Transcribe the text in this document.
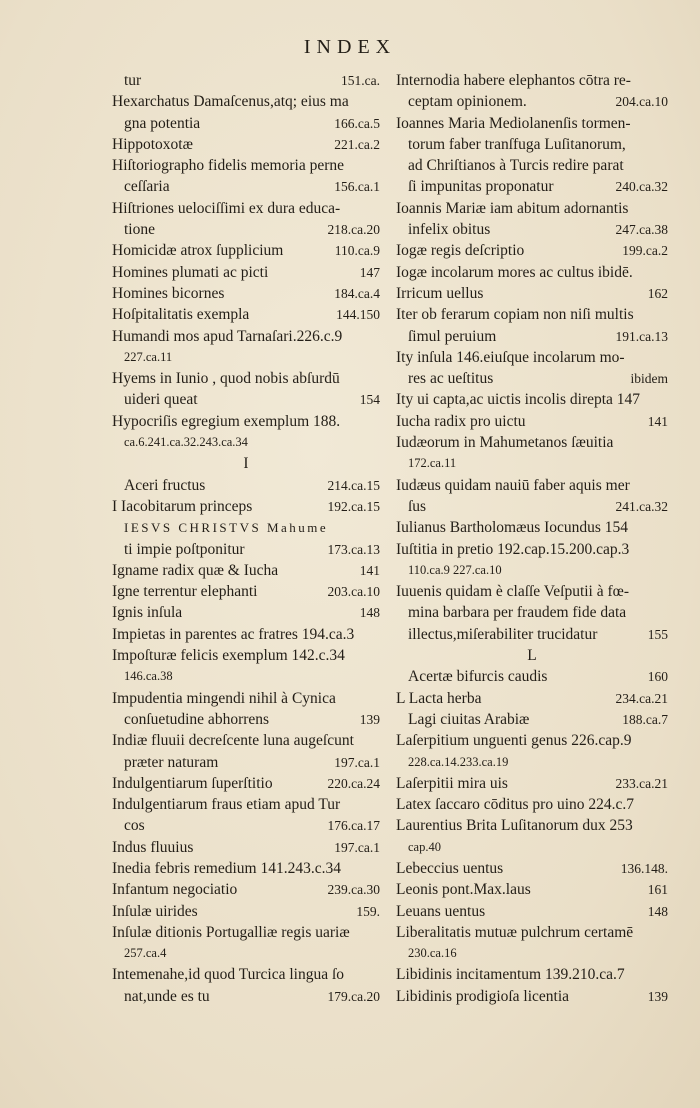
INDEX
tur	151.ca.
Hexarchatus Damaſcenus,atq; eius ma
gna potentia	166.ca.5
Hippotoxotæ	221.ca.2
Hiſtoriographo fidelis memoria perne
ceſſaria	156.ca.1
Hiſtriones uelociſſimi ex dura educa-
tione	218.ca.20
Homicidæ atrox ſupplicium	110.ca.9
Homines plumati ac picti	147
Homines bicornes	184.ca.4
Hoſpitalitatis exempla	144.150
Humandi mos apud Tarnaſari.226.c.9
227.ca.11
Hyems in Iunio , quod nobis abſurdū
uideri queat	154
Hypocriſis egregium exemplum 188.
ca.6.241.ca.32.243.ca.34
I
Aceri fructus	214.ca.15
I Iacobitarum princeps	192.ca.15
IESVS CHRISTVS Mahume
ti impie poſtponitur	173.ca.13
Igname radix quæ & Iucha	141
Igne terrentur elephanti	203.ca.10
Ignis inſula	148
Impietas in parentes ac fratres 194.ca.3
Impoſturæ felicis exemplum 142.c.34
146.ca.38
Impudentia mingendi nihil à Cynica
conſuetudine abhorrens	139
Indiæ fluuii decreſcente luna augeſcunt
præter naturam	197.ca.1
Indulgentiarum ſuperſtitio	220.ca.24
Indulgentiarum fraus etiam apud Tur
cos	176.ca.17
Indus fluuius	197.ca.1
Inedia febris remedium 141.243.c.34
Infantum negociatio	239.ca.30
Inſulæ uirides	159.
Inſulæ ditionis Portugalliæ regis uariæ
257.ca.4
Intemenahe,id quod Turcica lingua ſo
nat,unde es tu	179.ca.20
Internodia habere elephantos cōtra re-
ceptam opinionem.	204.ca.10
Ioannes Maria Mediolanenſis tormen-
torum faber tranſfuga Luſitanorum,
ad Chriſtianos à Turcis redire parat
ſi impunitas proponatur	240.ca.32
Ioannis Mariæ iam abitum adornantis
infelix obitus	247.ca.38
Iogæ regis deſcriptio	199.ca.2
Iogæ incolarum mores ac cultus ibidē.
Irricum uellus	162
Iter ob ferarum copiam non niſi multis
ſimul peruium	191.ca.13
Ity inſula 146.eiuſque incolarum mo-
res ac ueſtitus	ibidem
Ity ui capta,ac uictis incolis direpta 147
Iucha radix pro uictu	141
Iudæorum in Mahumetanos ſæuitia
172.ca.11
Iudæus quidam nauiū faber aquis mer
ſus	241.ca.32
Iulianus Bartholomæus Iocundus 154
Iuſtitia in pretio 192.cap.15.200.cap.3
110.ca.9 227.ca.10
Iuuenis quidam è claſſe Veſputii à fœ-
mina barbara per fraudem fide data
illectus,miſerabiliter trucidatur	155
L
Acertæ bifurcis caudis	160
L Lacta herba	234.ca.21
Lagi ciuitas Arabiæ	188.ca.7
Laſerpitium unguenti genus 226.cap.9
228.ca.14.233.ca.19
Laſerpitii mira uis	233.ca.21
Latex ſaccaro cōditus pro uino 224.c.7
Laurentius Brita Luſitanorum dux 253
cap.40
Lebeccius uentus	136.148.
Leonis pont.Max.laus	161
Leuans uentus	148
Liberalitatis mutuæ pulchrum certamē
230.ca.16
Libidinis incitamentum 139.210.ca.7
Libidinis prodigioſa licentia	139
